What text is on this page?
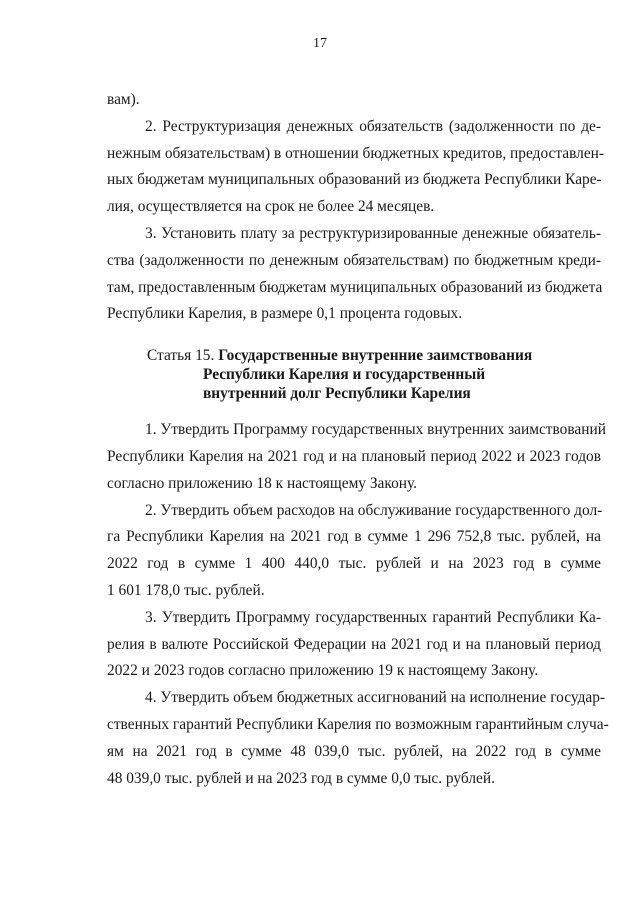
17
вам).
2. Реструктуризация денежных обязательств (задолженности по де-
нежным обязательствам) в отношении бюджетных кредитов, предоставлен-
ных бюджетам муниципальных образований из бюджета Республики Каре-
лия, осуществляется на срок не более 24 месяцев.
3. Установить плату за реструктуризированные денежные обязатель-
ства (задолженности по денежным обязательствам) по бюджетным креди-
там, предоставленным бюджетам муниципальных образований из бюджета
Республики Карелия, в размере 0,1 процента годовых.
Статья 15. Государственные внутренние заимствования
Республики Карелия и государственный
внутренний долг Республики Карелия
1. Утвердить Программу государственных внутренних заимствований
Республики Карелия на 2021 год и на плановый период 2022 и 2023 годов
согласно приложению 18 к настоящему Закону.
2. Утвердить объем расходов на обслуживание государственного дол-
га Республики Карелия на 2021 год в сумме 1 296 752,8 тыс. рублей, на
2022 год в сумме 1 400 440,0 тыс. рублей и на 2023 год в сумме
1 601 178,0 тыс. рублей.
3. Утвердить Программу государственных гарантий Республики Ка-
релия в валюте Российской Федерации на 2021 год и на плановый период
2022 и 2023 годов согласно приложению 19 к настоящему Закону.
4. Утвердить объем бюджетных ассигнований на исполнение государ-
ственных гарантий Республики Карелия по возможным гарантийным случа-
ям на 2021 год в сумме 48 039,0 тыс. рублей, на 2022 год в сумме
48 039,0 тыс. рублей и на 2023 год в сумме 0,0 тыс. рублей.
